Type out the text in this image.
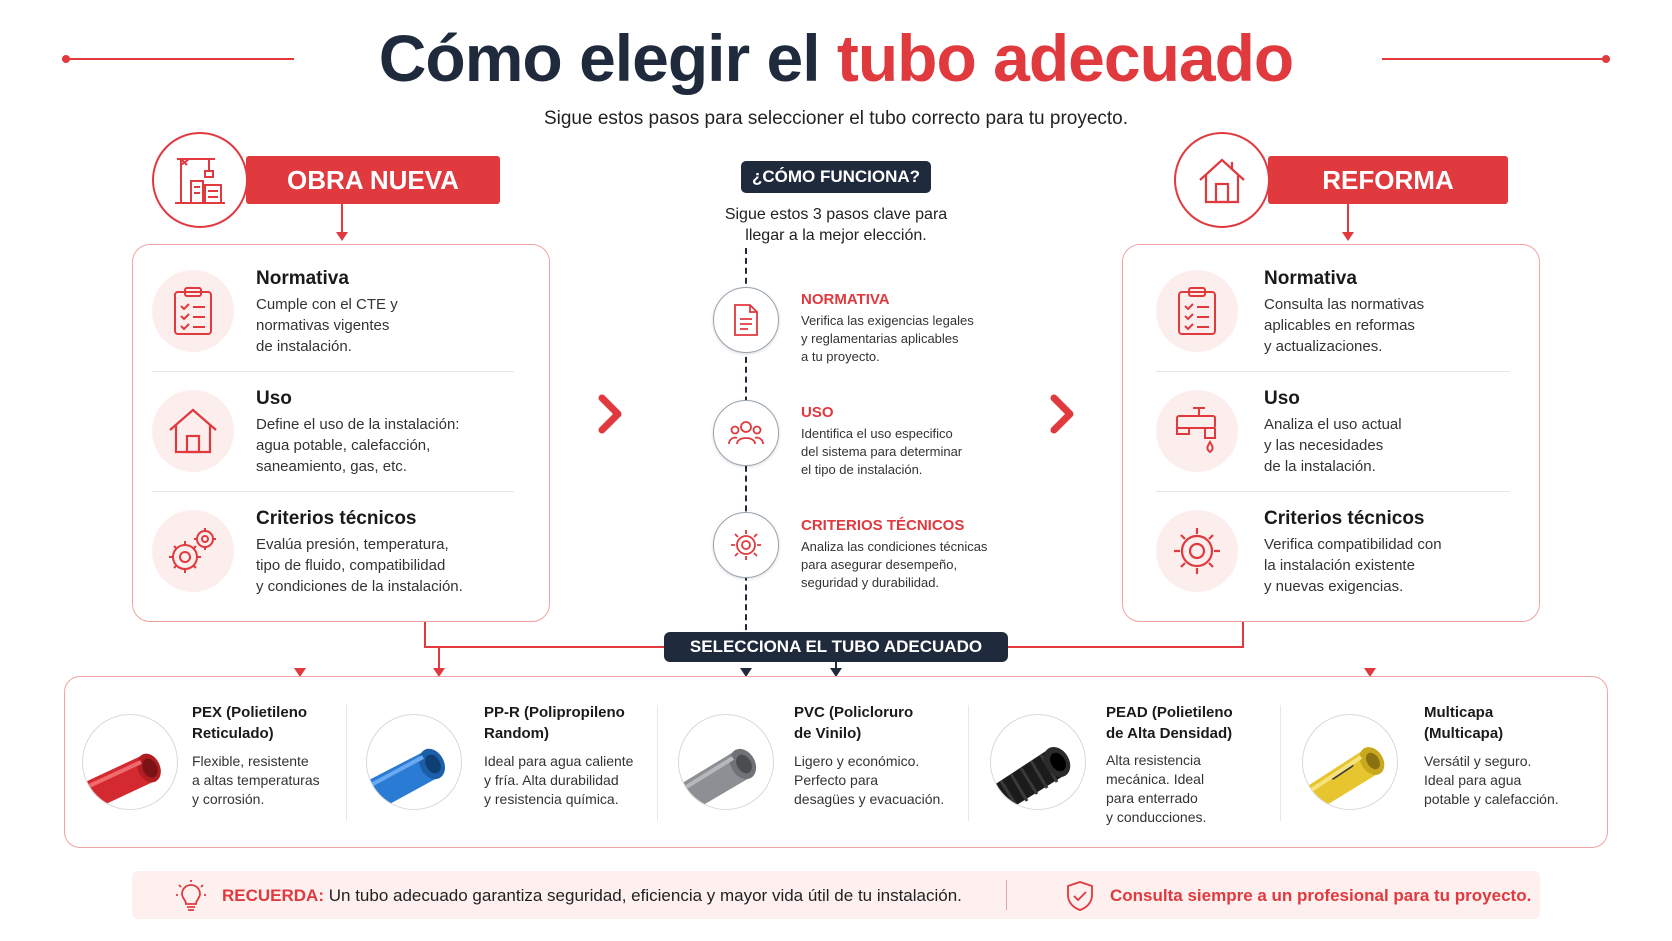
Cómo elegir el tubo adecuado
Sigue estos pasos para seleccioner el tubo correcto para tu proyecto.
OBRA NUEVA	REFORMA
Normativa
Cumple con el CTE y
normativas vigentes
de instalación.
Uso
Define el uso de la instalación:
agua potable, calefacción,
saneamiento, gas, etc.
Criterios técnicos
Evalúa presión, temperatura,
tipo de fluido, compatibilidad
y condiciones de la instalación.
Normativa
Consulta las normativas
aplicables en reformas
y actualizaciones.
Uso
Analiza el uso actual
y las necesidades
de la instalación.
Criterios técnicos
Verifica compatibilidad con
la instalación existente
y nuevas exigencias.
¿CÓMO FUNCIONA?
Sigue estos 3 pasos clave para
llegar a la mejor elección.
NORMATIVA
Verifica las exigencias legales
y reglamentarias aplicables
a tu proyecto.
USO
Identifica el uso especifico
del sistema para determinar
el tipo de instalación.
CRITERIOS TÉCNICOS
Analiza las condiciones técnicas
para asegurar desempeño,
seguridad y durabilidad.
SELECCIONA EL TUBO ADECUADO
PEX (Polietileno
Reticulado)
Flexible, resistente
a altas temperaturas
y corrosión.
PP-R (Polipropileno
Random)
Ideal para agua caliente
y fría. Alta durabilidad
y resistencia química.
PVC (Policloruro
de Vinilo)
Ligero y económico.
Perfecto para
desagües y evacuación.
PEAD (Polietileno
de Alta Densidad)
Alta resistencia
mecánica. Ideal
para enterrado
y conducciones.
Multicapa
(Multicapa)
Versátil y seguro.
Ideal para agua
potable y calefacción.
RECUERDA: Un tubo adecuado garantiza seguridad, eficiencia y mayor vida útil de tu instalación.	Consulta siempre a un profesional para tu proyecto.
